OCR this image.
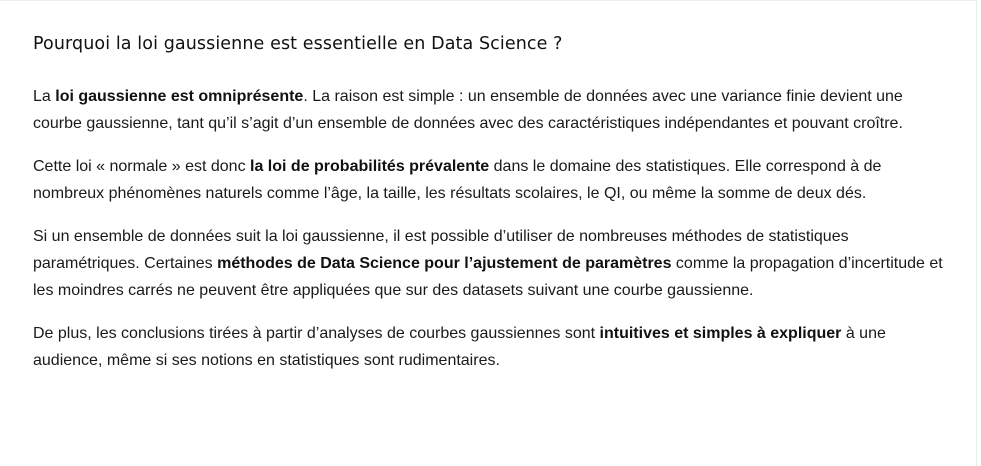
Pourquoi la loi gaussienne est essentielle en Data Science ?

La loi gaussienne est omniprésente. La raison est simple : un ensemble de données avec une variance finie devient une courbe gaussienne, tant qu’il s’agit d’un ensemble de données avec des caractéristiques indépendantes et pouvant croître.

Cette loi « normale » est donc la loi de probabilités prévalente dans le domaine des statistiques. Elle correspond à de nombreux phénomènes naturels comme l’âge, la taille, les résultats scolaires, le QI, ou même la somme de deux dés.

Si un ensemble de données suit la loi gaussienne, il est possible d’utiliser de nombreuses méthodes de statistiques paramétriques. Certaines méthodes de Data Science pour l’ajustement de paramètres comme la propagation d’incertitude et les moindres carrés ne peuvent être appliquées que sur des datasets suivant une courbe gaussienne.

De plus, les conclusions tirées à partir d’analyses de courbes gaussiennes sont intuitives et simples à expliquer à une audience, même si ses notions en statistiques sont rudimentaires.
